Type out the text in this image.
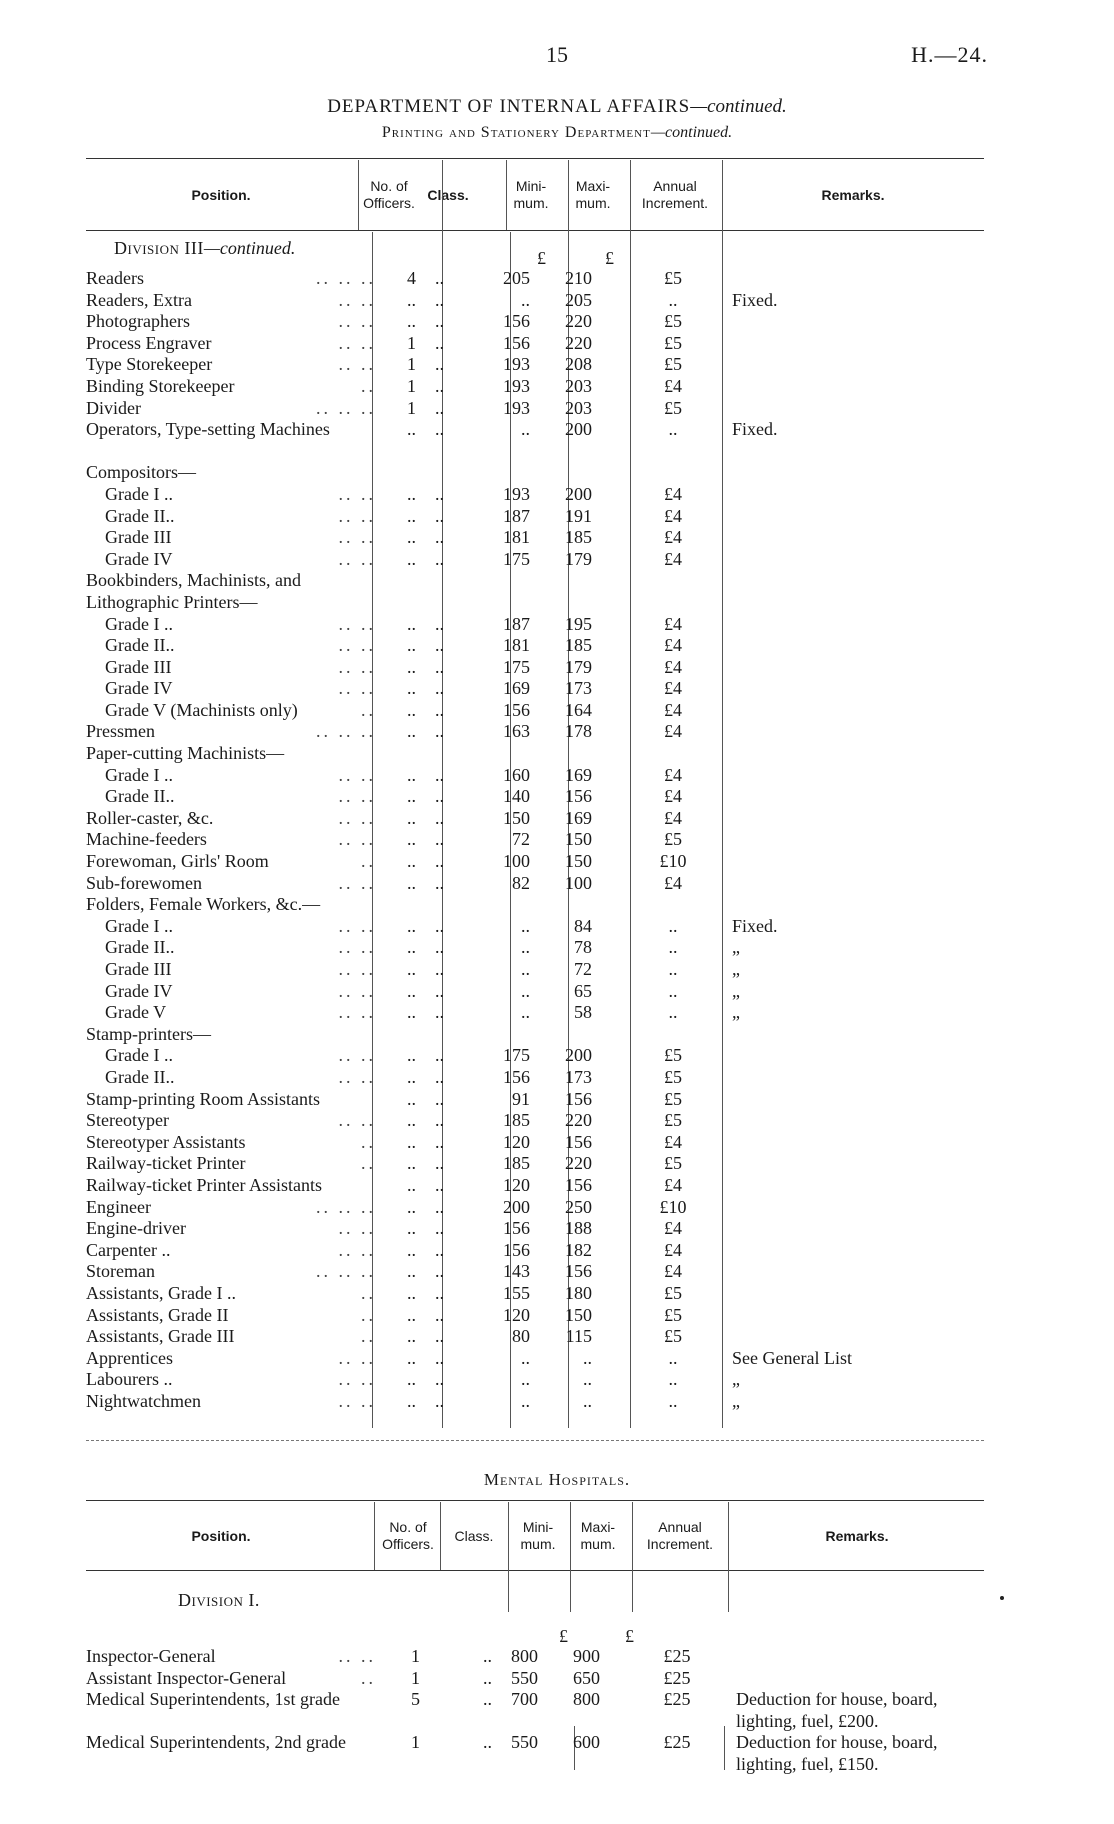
15	H.—24.
DEPARTMENT OF INTERNAL AFFAIRS—continued.
Printing and Stationery Department—continued.
Position.
No. of Officers.
Class.
Mini-mum.
Maxi-mum.
Annual Increment.
Remarks.
Division III—continued.	£	£
Readers	.. .. ..	4	..	205	210	£5
Readers, Extra	.. ..	..	..	..	205	..	Fixed.
Photographers	.. ..	..	..	156	220	£5
Process Engraver	.. ..	1	..	156	220	£5
Type Storekeeper	.. ..	1	..	193	208	£5
Binding Storekeeper	..	1	..	193	203	£4
Divider	.. .. ..	1	..	193	203	£5
Operators, Type-setting Machines	..	..	..	200	..	Fixed.
Compositors—
Grade I ..	.. ..	..	..	193	200	£4
Grade II..	.. ..	..	..	187	191	£4
Grade III	.. ..	..	..	181	185	£4
Grade IV	.. ..	..	..	175	179	£4
Bookbinders, Machinists, and Lithographic Printers—
Grade I ..	.. ..	..	..	187	195	£4
Grade II..	.. ..	..	..	181	185	£4
Grade III	.. ..	..	..	175	179	£4
Grade IV	.. ..	..	..	169	173	£4
Grade V (Machinists only)	..	..	..	156	164	£4
Pressmen	.. .. ..	..	..	163	178	£4
Paper-cutting Machinists—
Grade I ..	.. ..	..	..	160	169	£4
Grade II..	.. ..	..	..	140	156	£4
Roller-caster, &c.	.. ..	..	..	150	169	£4
Machine-feeders	.. ..	..	..	72	150	£5
Forewoman, Girls' Room	..	..	..	100	150	£10
Sub-forewomen	.. ..	..	..	82	100	£4
Folders, Female Workers, &c.—
Grade I ..	.. ..	..	..	..	84	..	Fixed.
Grade II..	.. ..	..	..	..	78	..	„
Grade III	.. ..	..	..	..	72	..	„
Grade IV	.. ..	..	..	..	65	..	„
Grade V	.. ..	..	..	..	58	..	„
Stamp-printers—
Grade I ..	.. ..	..	..	175	200	£5
Grade II..	.. ..	..	..	156	173	£5
Stamp-printing Room Assistants	..	..	91	156	£5
Stereotyper	.. ..	..	..	185	220	£5
Stereotyper Assistants	..	..	..	120	156	£4
Railway-ticket Printer	..	..	..	185	220	£5
Railway-ticket Printer Assistants	..	..	120	156	£4
Engineer	.. .. ..	..	..	200	250	£10
Engine-driver	.. ..	..	..	156	188	£4
Carpenter ..	.. ..	..	..	156	182	£4
Storeman	.. .. ..	..	..	143	156	£4
Assistants, Grade I ..	..	..	..	155	180	£5
Assistants, Grade II	..	..	..	120	150	£5
Assistants, Grade III	..	..	..	80	115	£5
Apprentices	.. ..	..	..	..	..	..	See General List
Labourers ..	.. ..	..	..	..	..	..	„
Nightwatchmen	.. ..	..	..	..	..	..	„
Mental Hospitals.
Position.
No. of Officers.
Class.
Mini-mum.
Maxi-mum.
Annual Increment.
Remarks.
Division I.
£	£
Inspector-General	.. ..	1	..	800	900	£25
Assistant Inspector-General	..	1	..	550	650	£25
Medical Superintendents, 1st grade	5	..	700	800	£25	Deduction for house, board, lighting, fuel, £200.
Medical Superintendents, 2nd grade	1	..	550	600	£25	Deduction for house, board, lighting, fuel, £150.
